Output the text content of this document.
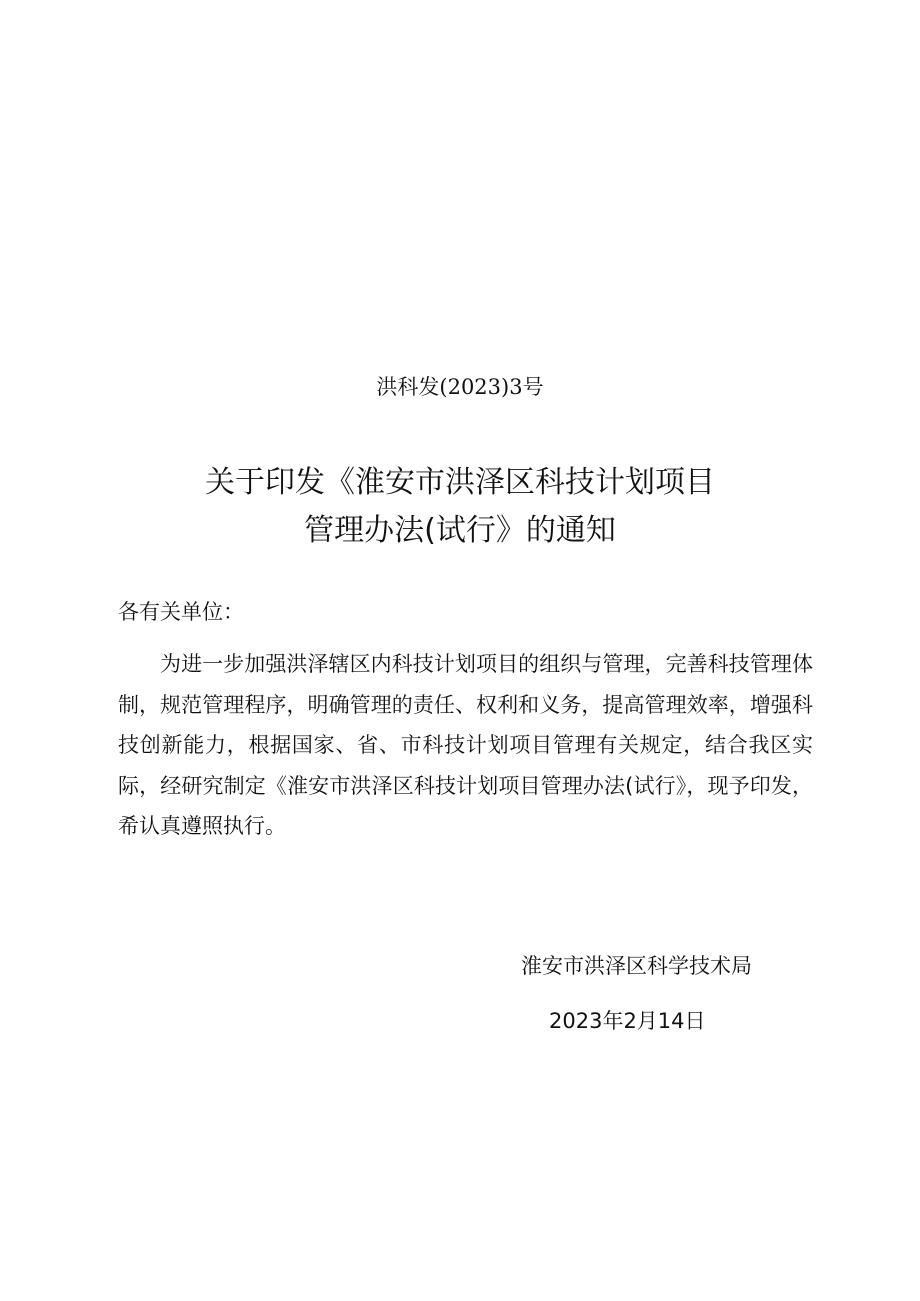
洪科发(2023)3号
关于印发《淮安市洪泽区科技计划项目
管理办法(试行》的通知
各有关单位：

为进一步加强洪泽辖区内科技计划项目的组织与管理，完善科技管理体制，规范管理程序，明确管理的责任、权利和义务，提高管理效率，增强科技创新能力，根据国家、省、市科技计划项目管理有关规定，结合我区实际，经研究制定《淮安市洪泽区科技计划项目管理办法(试行》，现予印发，希认真遵照执行。

淮安市洪泽区科学技术局
2023年2月14日
